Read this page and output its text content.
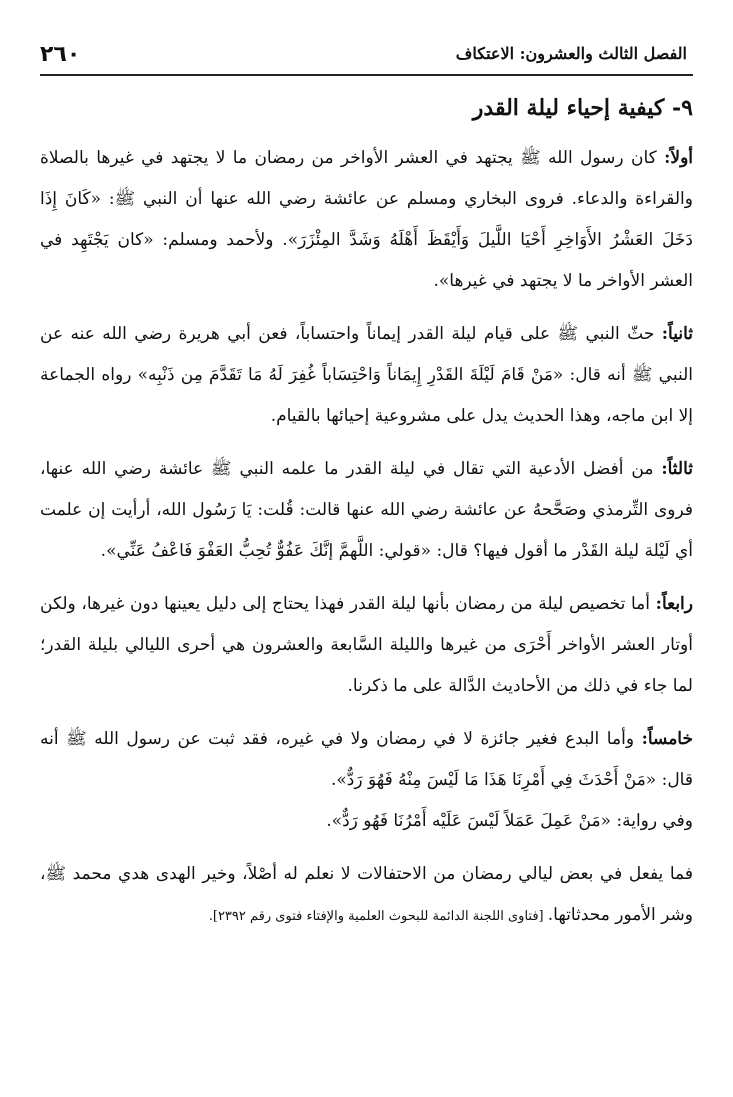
٢٦٠	الفصل الثالث والعشرون: الاعتكاف
٩- كيفية إحياء ليلة القدر

أولاً: كان رسول الله ﷺ يجتهد في العشر الأواخر من رمضان ما لا يجتهد في غيرها بالصلاة والقراءة والدعاء. فروى البخاري ومسلم عن عائشة رضي الله عنها أن النبي ﷺ: «كَانَ إِذَا دَخَلَ العَشْرُ الأَوَاخِرِ أَحْيَا اللَّيلَ وَأَيْقَظَ أَهْلَهُ وَشَدَّ المِئْزَرَ». ولأحمد ومسلم: «كان يَجْتَهِد في العشر الأواخر ما لا يجتهد في غيرها».

ثانياً: حثّ النبي ﷺ على قيام ليلة القدر إيماناً واحتساباً، فعن أبي هريرة رضي الله عنه عن النبي ﷺ أنه قال: «مَنْ قَامَ لَيْلَةَ القَدْرِ إِيمَاناً وَاحْتِسَاباً غُفِرَ لَهُ مَا تَقَدَّمَ مِن ذَنْبِه» رواه الجماعة إلا ابن ماجه، وهذا الحديث يدل على مشروعية إحيائها بالقيام.

ثالثاً: من أفضل الأدعية التي تقال في ليلة القدر ما علمه النبي ﷺ عائشة رضي الله عنها، فروى التِّرمذي وصَحَّحهُ عن عائشة رضي الله عنها قالت: قُلت: يَا رَسُول الله، أرأيت إن علمت أي لَيْلة ليلة القَدْر ما أقول فيها؟ قال: «قولي: اللَّهمَّ إنَّكَ عَفُوٌّ تُحِبُّ العَفْوَ فَاعْفُ عَنِّي».

رابعاً: أما تخصيص ليلة من رمضان بأنها ليلة القدر فهذا يحتاج إلى دليل يعينها دون غيرها، ولكن أوتار العشر الأواخر أَحْرَى من غيرها والليلة السَّابعة والعشرون هي أحرى الليالي بليلة القدر؛ لما جاء في ذلك من الأحاديث الدَّالة على ما ذكرنا.

خامساً: وأما البدع فغير جائزة لا في رمضان ولا في غيره، فقد ثبت عن رسول الله ﷺ أنه قال: «مَنْ أَحْدَثَ فِي أَمْرِنَا هَذَا مَا لَيْسَ مِنْهُ فَهُوَ رَدٌّ».

وفي رواية: «مَنْ عَمِلَ عَمَلاً لَيْسَ عَلَيْه أَمْرُنَا فَهُو رَدٌّ».

فما يفعل في بعض ليالي رمضان من الاحتفالات لا نعلم له أصْلاً، وخير الهدى هدي محمد ﷺ، وشر الأمور محدثاتها. [فتاوى اللجنة الدائمة للبحوث العلمية والإفتاء فتوى رقم ٢٣٩٢].
